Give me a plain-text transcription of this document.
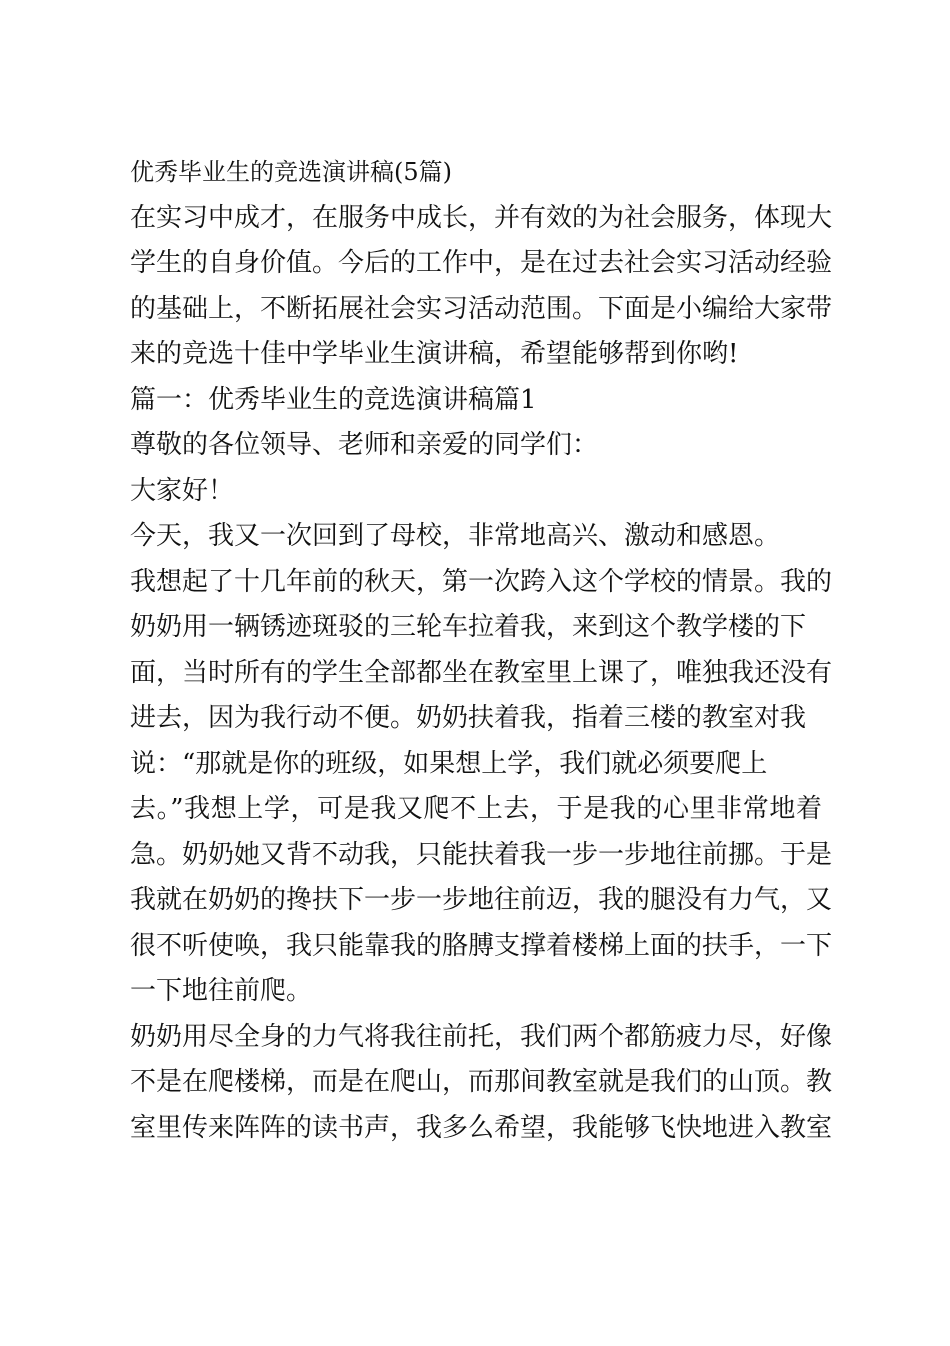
优秀毕业生的竞选演讲稿(5篇)
在实习中成才，在服务中成长，并有效的为社会服务，体现大
学生的自身价值。今后的工作中，是在过去社会实习活动经验
的基础上，不断拓展社会实习活动范围。下面是小编给大家带
来的竞选十佳中学毕业生演讲稿，希望能够帮到你哟!
篇一：优秀毕业生的竞选演讲稿篇1
尊敬的各位领导、老师和亲爱的同学们：
大家好！
今天，我又一次回到了母校，非常地高兴、激动和感恩。
我想起了十几年前的秋天，第一次跨入这个学校的情景。我的
奶奶用一辆锈迹斑驳的三轮车拉着我，来到这个教学楼的下
面，当时所有的学生全部都坐在教室里上课了，唯独我还没有
进去，因为我行动不便。奶奶扶着我，指着三楼的教室对我
说：“那就是你的班级，如果想上学，我们就必须要爬上
去。”我想上学，可是我又爬不上去，于是我的心里非常地着
急。奶奶她又背不动我，只能扶着我一步一步地往前挪。于是
我就在奶奶的搀扶下一步一步地往前迈，我的腿没有力气，又
很不听使唤，我只能靠我的胳膊支撑着楼梯上面的扶手，一下
一下地往前爬。
奶奶用尽全身的力气将我往前托，我们两个都筋疲力尽，好像
不是在爬楼梯，而是在爬山，而那间教室就是我们的山顶。教
室里传来阵阵的读书声，我多么希望，我能够飞快地进入教室
